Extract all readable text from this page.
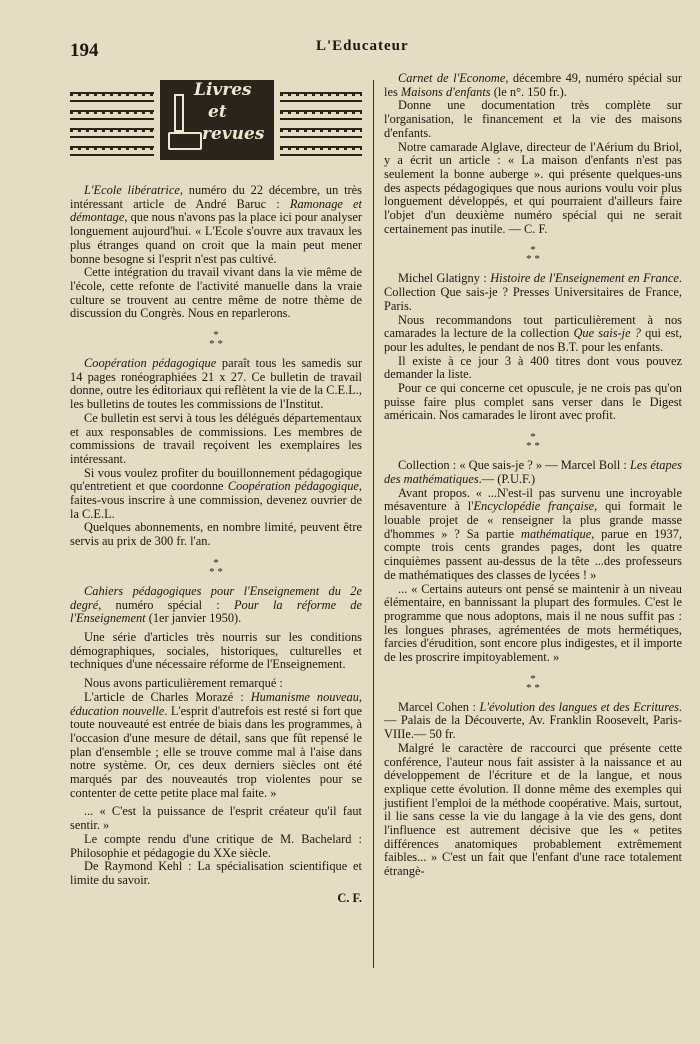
194	L'Educateur
Livres
et
revues

L'Ecole libératrice, numéro du 22 décembre, un très intéressant article de André Baruc : Ramonage et démontage, que nous n'avons pas la place ici pour analyser longuement aujourd'hui. « L'Ecole s'ouvre aux travaux les plus étranges quand on croit que la main peut mener bonne besogne si l'esprit n'est pas cultivé.

Cette intégration du travail vivant dans la vie même de l'école, cette refonte de l'activité manuelle dans la vraie culture se trouvent au centre même de notre thème de discussion du Congrès. Nous en reparlerons.

*
* *

Coopération pédagogique paraît tous les samedis sur 14 pages ronéographiées 21 x 27. Ce bulletin de travail donne, outre les éditoriaux qui reflètent la vie de la C.E.L., les bulletins de toutes les commissions de l'Institut.

Ce bulletin est servi à tous les délégués départementaux et aux responsables de commissions. Les membres de commissions de travail reçoivent les exemplaires les intéressant.

Si vous voulez profiter du bouillonnement pédagogique qu'entretient et que coordonne Coopération pédagogique, faites-vous inscrire à une commission, devenez ouvrier de la C.E.L.

Quelques abonnements, en nombre limité, peuvent être servis au prix de 300 fr. l'an.

*
* *

Cahiers pédagogiques pour l'Enseignement du 2e degré, numéro spécial : Pour la réforme de l'Enseignement (1er janvier 1950).

Une série d'articles très nourris sur les conditions démographiques, sociales, historiques, culturelles et techniques d'une nécessaire réforme de l'Enseignement.

Nous avons particulièrement remarqué :

L'article de Charles Morazé : Humanisme nouveau, éducation nouvelle. L'esprit d'autrefois est resté si fort que toute nouveauté est entrée de biais dans les programmes, à l'occasion d'une mesure de détail, sans que fût repensé le plan d'ensemble ; elle se trouve comme mal à l'aise dans notre système. Or, ces deux derniers siècles ont été marqués par des nouveautés trop violentes pour se contenter de cette petite place mal faite. »

... « C'est la puissance de l'esprit créateur qu'il faut sentir. »

Le compte rendu d'une critique de M. Bachelard : Philosophie et pédagogie du XXe siècle.

De Raymond Kehl : La spécialisation scientifique et limite du savoir.

C. F.

Carnet de l'Econome, décembre 49, numéro spécial sur les Maisons d'enfants (le n°. 150 fr.).

Donne une documentation très complète sur l'organisation, le financement et la vie des maisons d'enfants.

Notre camarade Alglave, directeur de l'Aérium du Briol, y a écrit un article : « La maison d'enfants n'est pas seulement la bonne auberge ». qui présente quelques-uns des aspects pédagogiques que nous aurions voulu voir plus longuement développés, et qui pourraient d'ailleurs faire l'objet d'un deuxième numéro spécial qui ne serait certainement pas inutile. — C. F.

*
* *

Michel Glatigny : Histoire de l'Enseignement en France. Collection Que sais-je ? Presses Universitaires de France, Paris.

Nous recommandons tout particulièrement à nos camarades la lecture de la collection Que sais-je ? qui est, pour les adultes, le pendant de nos B.T. pour les enfants.

Il existe à ce jour 3 à 400 titres dont vous pouvez demander la liste.

Pour ce qui concerne cet opuscule, je ne crois pas qu'on puisse faire plus complet sans verser dans le Digest américain. Nos camarades le liront avec profit.

*
* *

Collection : « Que sais-je ? » — Marcel Boll : Les étapes des mathématiques.— (P.U.F.)

Avant propos. « ...N'est-il pas survenu une incroyable mésaventure à l'Encyclopédie française, qui formait le louable projet de « renseigner la plus grande masse d'hommes » ? Sa partie mathématique, parue en 1937, compte trois cents grandes pages, dont les quatre cinquièmes passent au-dessus de la tête ...des professeurs de mathématiques des classes de lycées ! »

... « Certains auteurs ont pensé se maintenir à un niveau élémentaire, en bannissant la plupart des formules. C'est le programme que nous adoptons, mais il ne nous suffit pas : les longues phrases, agrémentées de mots hermétiques, farcies d'érudition, sont encore plus indigestes, et il importe de les proscrire impitoyablement. »

*
* *

Marcel Cohen : L'évolution des langues et des Ecritures. — Palais de la Découverte, Av. Franklin Roosevelt, Paris-VIIIe.— 50 fr.

Malgré le caractère de raccourci que présente cette conférence, l'auteur nous fait assister à la naissance et au développement de l'écriture et de la langue, et nous explique cette évolution. Il donne même des exemples qui justifient l'emploi de la méthode coopérative. Mais, surtout, il lie sans cesse la vie du langage à la vie des gens, dont l'influence est autrement décisive que les « petites différences anatomiques probablement extrêmement faibles... » C'est un fait que l'enfant d'une race totalement étrangè-
